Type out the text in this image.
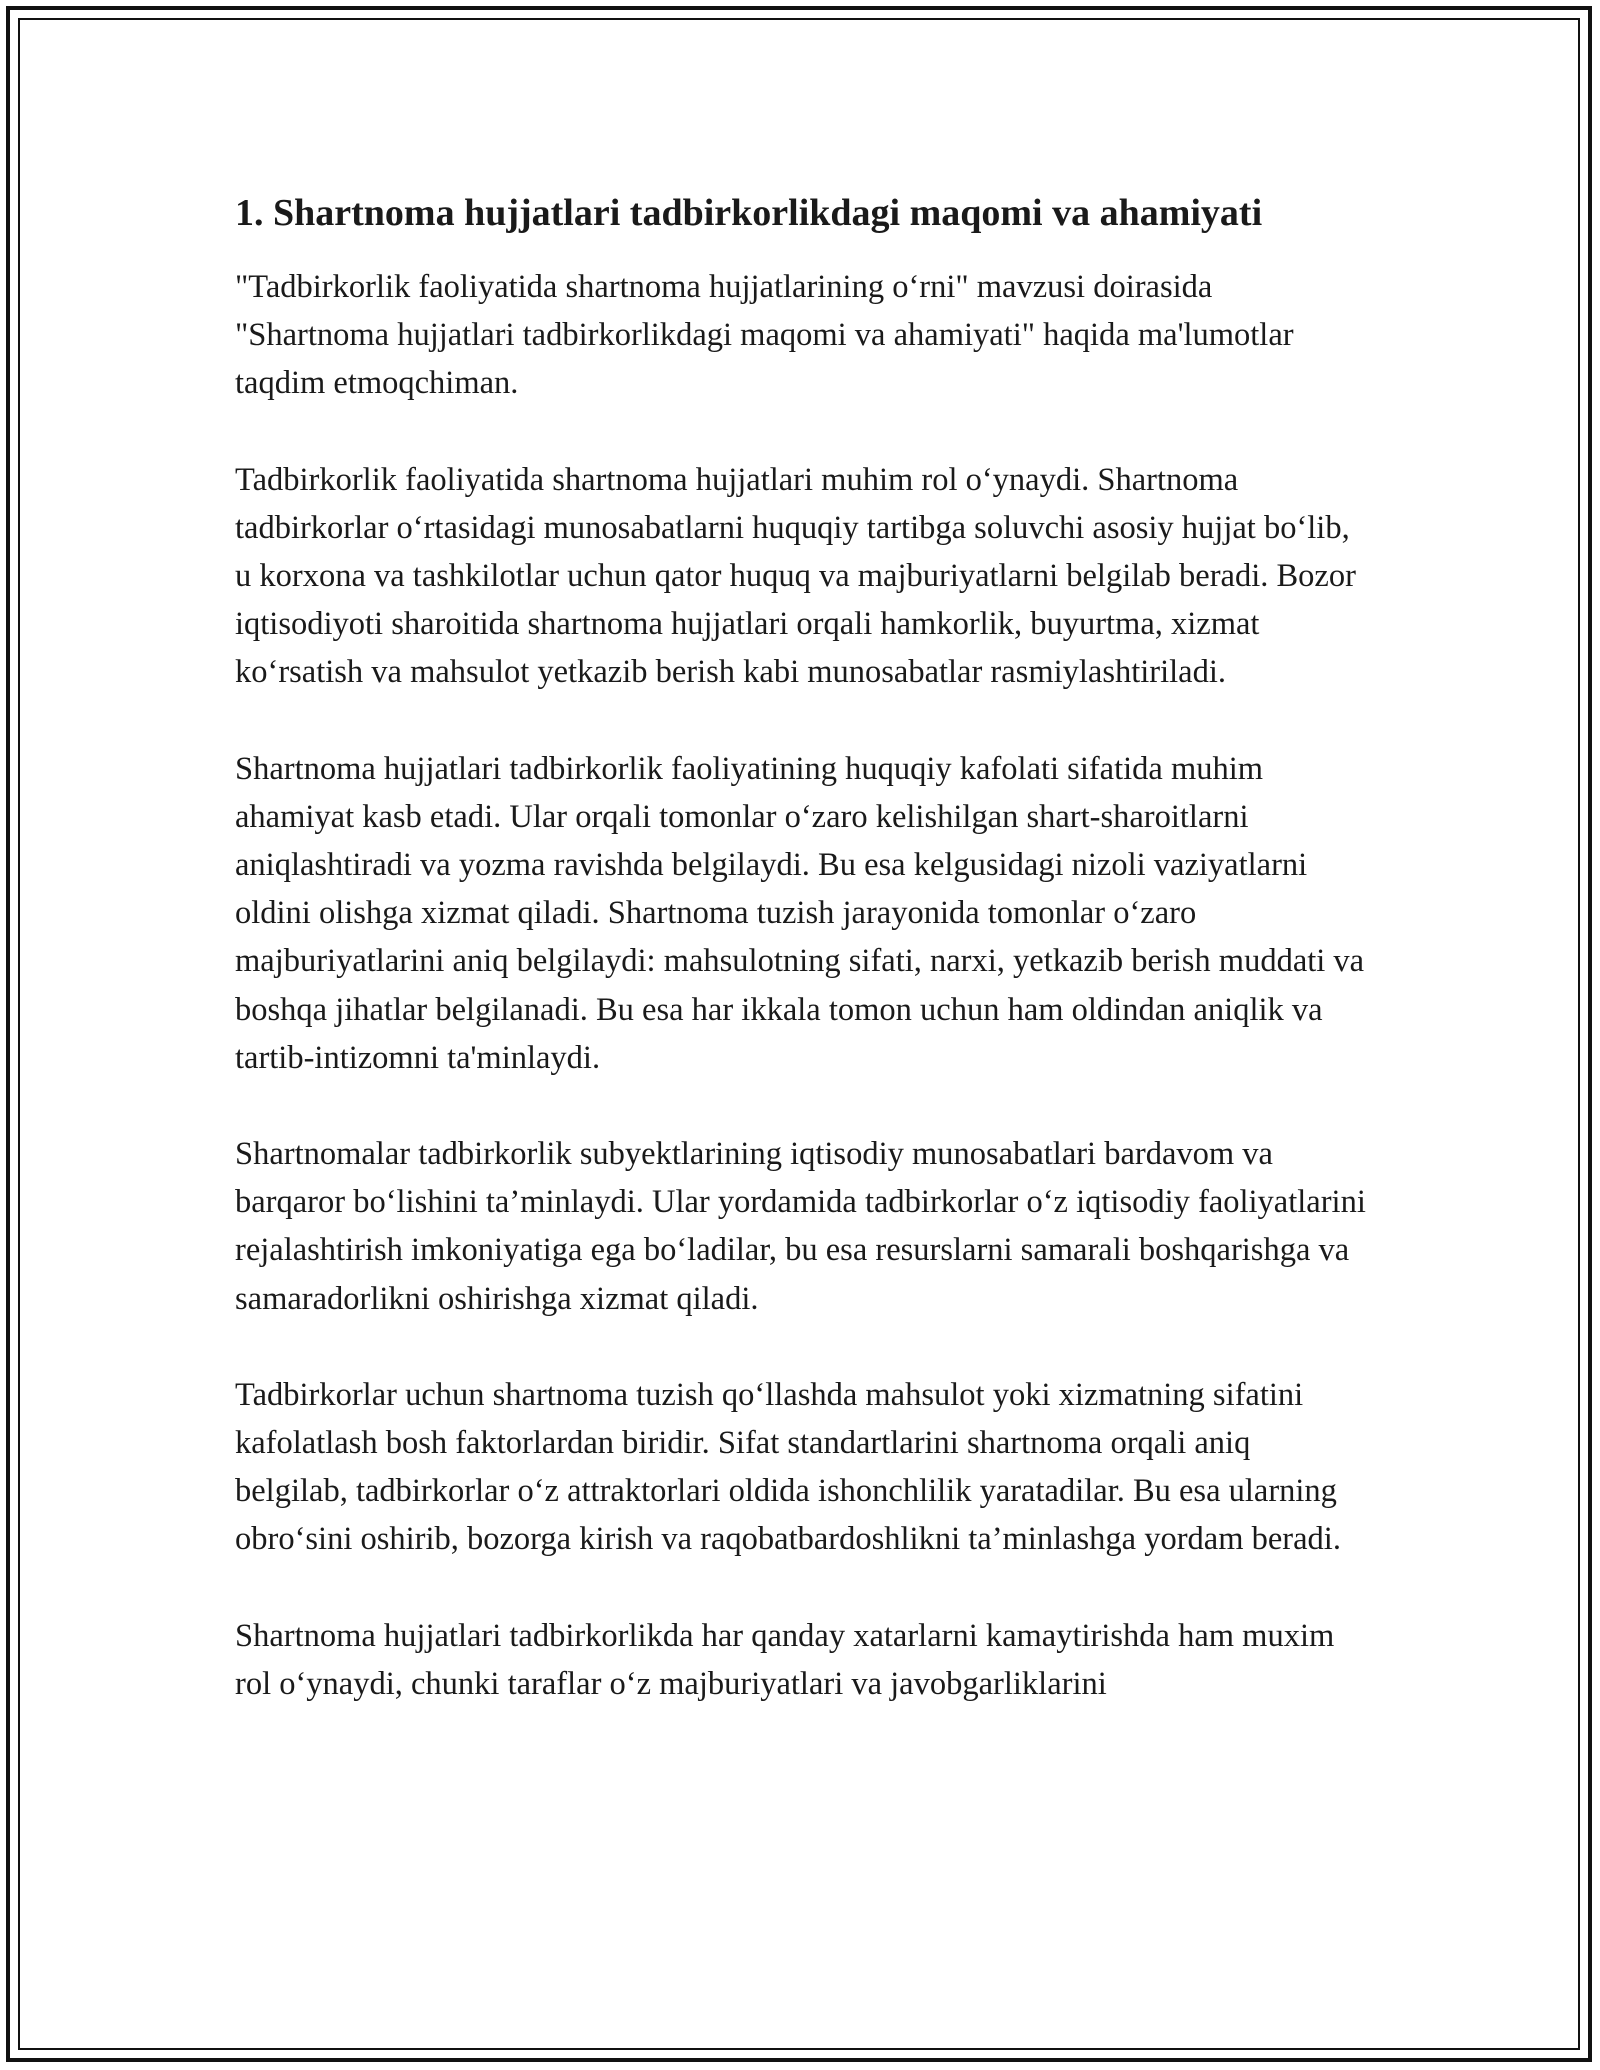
1. Shartnoma hujjatlari tadbirkorlikdagi maqomi va ahamiyati

"Tadbirkorlik faoliyatida shartnoma hujjatlarining o‘rni" mavzusi doirasida "Shartnoma hujjatlari tadbirkorlikdagi maqomi va ahamiyati" haqida ma'lumotlar taqdim etmoqchiman.

Tadbirkorlik faoliyatida shartnoma hujjatlari muhim rol o‘ynaydi. Shartnoma tadbirkorlar o‘rtasidagi munosabatlarni huquqiy tartibga soluvchi asosiy hujjat bo‘lib, u korxona va tashkilotlar uchun qator huquq va majburiyatlarni belgilab beradi. Bozor iqtisodiyoti sharoitida shartnoma hujjatlari orqali hamkorlik, buyurtma, xizmat ko‘rsatish va mahsulot yetkazib berish kabi munosabatlar rasmiylashtiriladi.

Shartnoma hujjatlari tadbirkorlik faoliyatining huquqiy kafolati sifatida muhim ahamiyat kasb etadi. Ular orqali tomonlar o‘zaro kelishilgan shart-sharoitlarni aniqlashtiradi va yozma ravishda belgilaydi. Bu esa kelgusidagi nizoli vaziyatlarni oldini olishga xizmat qiladi. Shartnoma tuzish jarayonida tomonlar o‘zaro majburiyatlarini aniq belgilaydi: mahsulotning sifati, narxi, yetkazib berish muddati va boshqa jihatlar belgilanadi. Bu esa har ikkala tomon uchun ham oldindan aniqlik va tartib-intizomni ta'minlaydi.

Shartnomalar tadbirkorlik subyektlarining iqtisodiy munosabatlari bardavom va barqaror bo‘lishini ta’minlaydi. Ular yordamida tadbirkorlar o‘z iqtisodiy faoliyatlarini rejalashtirish imkoniyatiga ega bo‘ladilar, bu esa resurslarni samarali boshqarishga va samaradorlikni oshirishga xizmat qiladi.

Tadbirkorlar uchun shartnoma tuzish qo‘llashda mahsulot yoki xizmatning sifatini kafolatlash bosh faktorlardan biridir. Sifat standartlarini shartnoma orqali aniq belgilab, tadbirkorlar o‘z attraktorlari oldida ishonchlilik yaratadilar. Bu esa ularning obro‘sini oshirib, bozorga kirish va raqobatbardoshlikni ta’minlashga yordam beradi.

Shartnoma hujjatlari tadbirkorlikda har qanday xatarlarni kamaytirishda ham muxim rol o‘ynaydi, chunki taraflar o‘z majburiyatlari va javobgarliklarini
